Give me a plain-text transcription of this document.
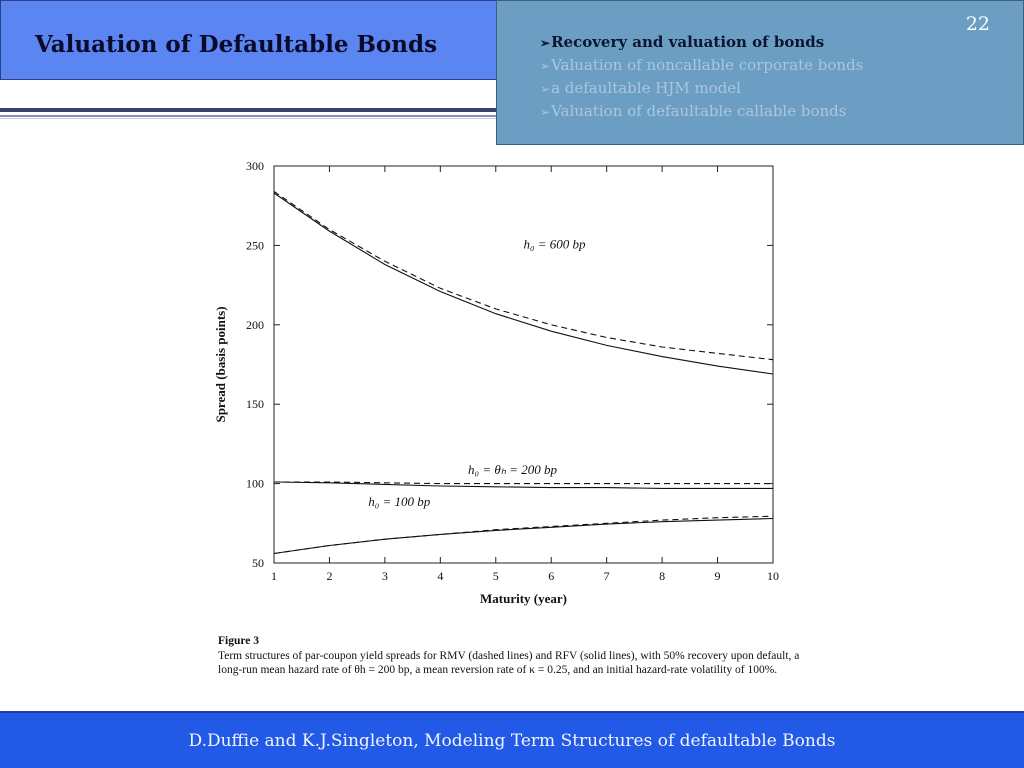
Valuation of Defaultable Bonds
22
➢Recovery and valuation of bonds
➢Valuation of noncallable corporate bonds
➢a defaultable HJM model
➢Valuation of defaultable callable bonds
1	2	3	4	5	6	7	8	9	10
50
100
150
200
250
300
h₀ = 600 bp
h₀ = θₕ = 200 bp
h₀ = 100 bp
Maturity (year)
Spread (basis points)
Figure 3
Term structures of par-coupon yield spreads for RMV (dashed lines) and RFV (solid lines), with 50% recovery upon default, a long-run mean hazard rate of θh = 200 bp, a mean reversion rate of κ = 0.25, and an initial hazard-rate volatility of 100%.
D.Duffie and K.J.Singleton, Modeling Term Structures of defaultable Bonds
